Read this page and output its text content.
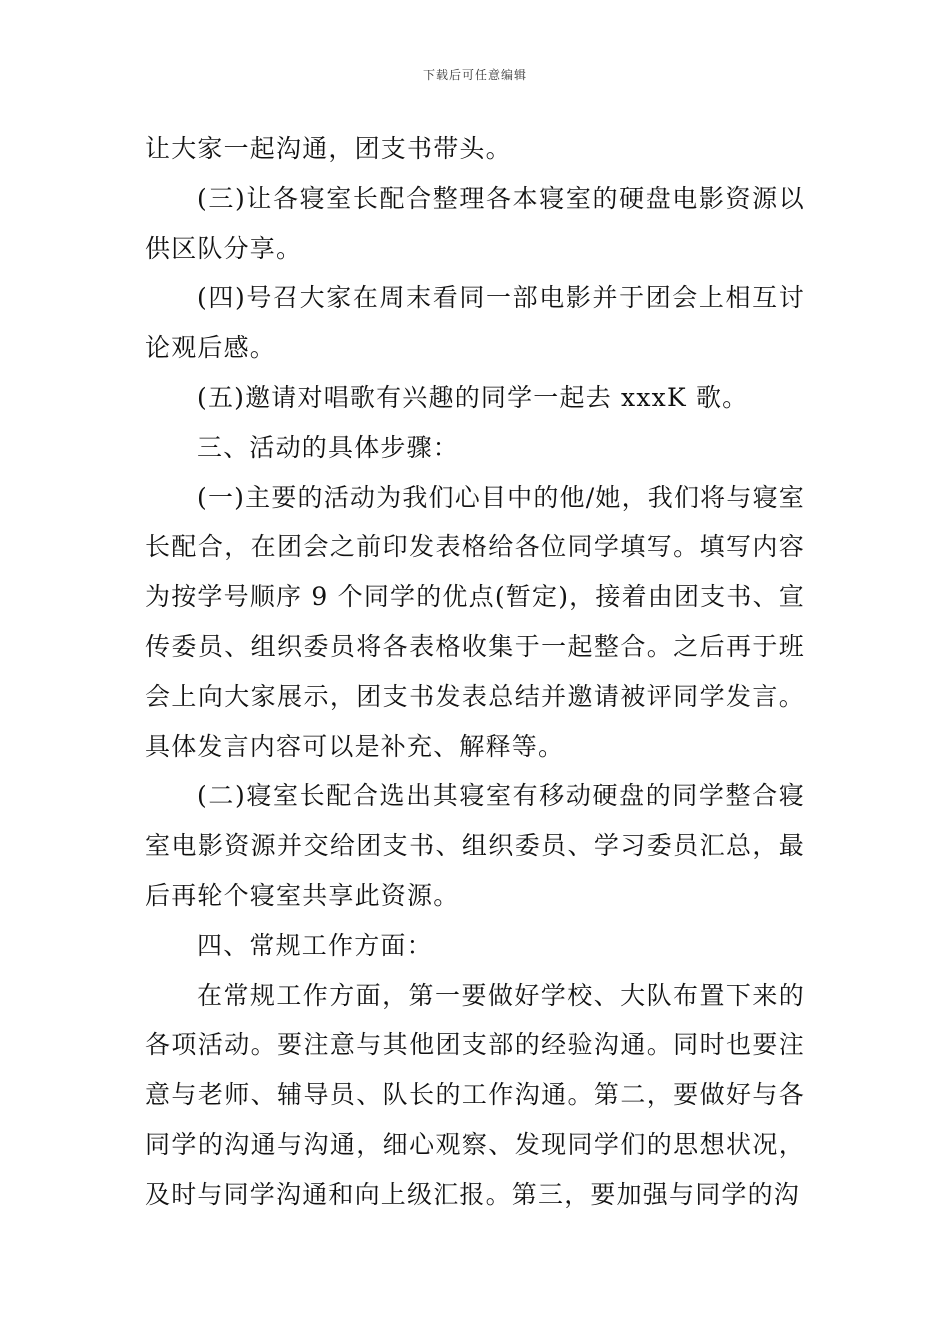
下载后可任意编辑

让大家一起沟通，团支书带头。

(三)让各寝室长配合整理各本寝室的硬盘电影资源以供区队分享。

(四)号召大家在周末看同一部电影并于团会上相互讨论观后感。

(五)邀请对唱歌有兴趣的同学一起去 xxxK 歌。

三、活动的具体步骤：

(一)主要的活动为我们心目中的他/她，我们将与寝室长配合，在团会之前印发表格给各位同学填写。填写内容为按学号顺序 9 个同学的优点(暂定)，接着由团支书、宣传委员、组织委员将各表格收集于一起整合。之后再于班会上向大家展示，团支书发表总结并邀请被评同学发言。具体发言内容可以是补充、解释等。

(二)寝室长配合选出其寝室有移动硬盘的同学整合寝室电影资源并交给团支书、组织委员、学习委员汇总，最后再轮个寝室共享此资源。

四、常规工作方面：

在常规工作方面，第一要做好学校、大队布置下来的各项活动。要注意与其他团支部的经验沟通。同时也要注意与老师、辅导员、队长的工作沟通。第二，要做好与各同学的沟通与沟通，细心观察、发现同学们的思想状况，及时与同学沟通和向上级汇报。第三，要加强与同学的沟
